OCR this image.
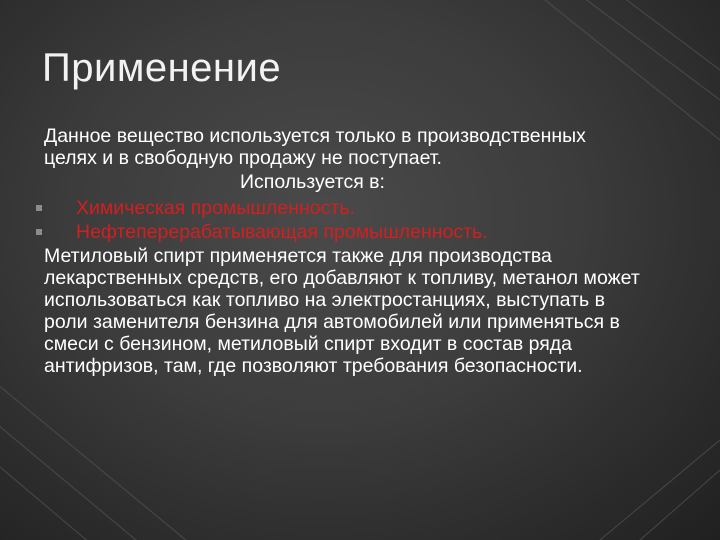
Применение

Данное вещество используется только в производственных целях и в свободную продажу не поступает.

Используется в:

Химическая промышленность.
Нефтеперерабатывающая промышленность.

Метиловый спирт применяется также для производства лекарственных средств, его добавляют к топливу, метанол может использоваться как топливо на электростанциях, выступать в роли заменителя бензина для автомобилей или применяться в смеси с бензином, метиловый спирт входит в состав ряда антифризов, там, где позволяют требования безопасности.
